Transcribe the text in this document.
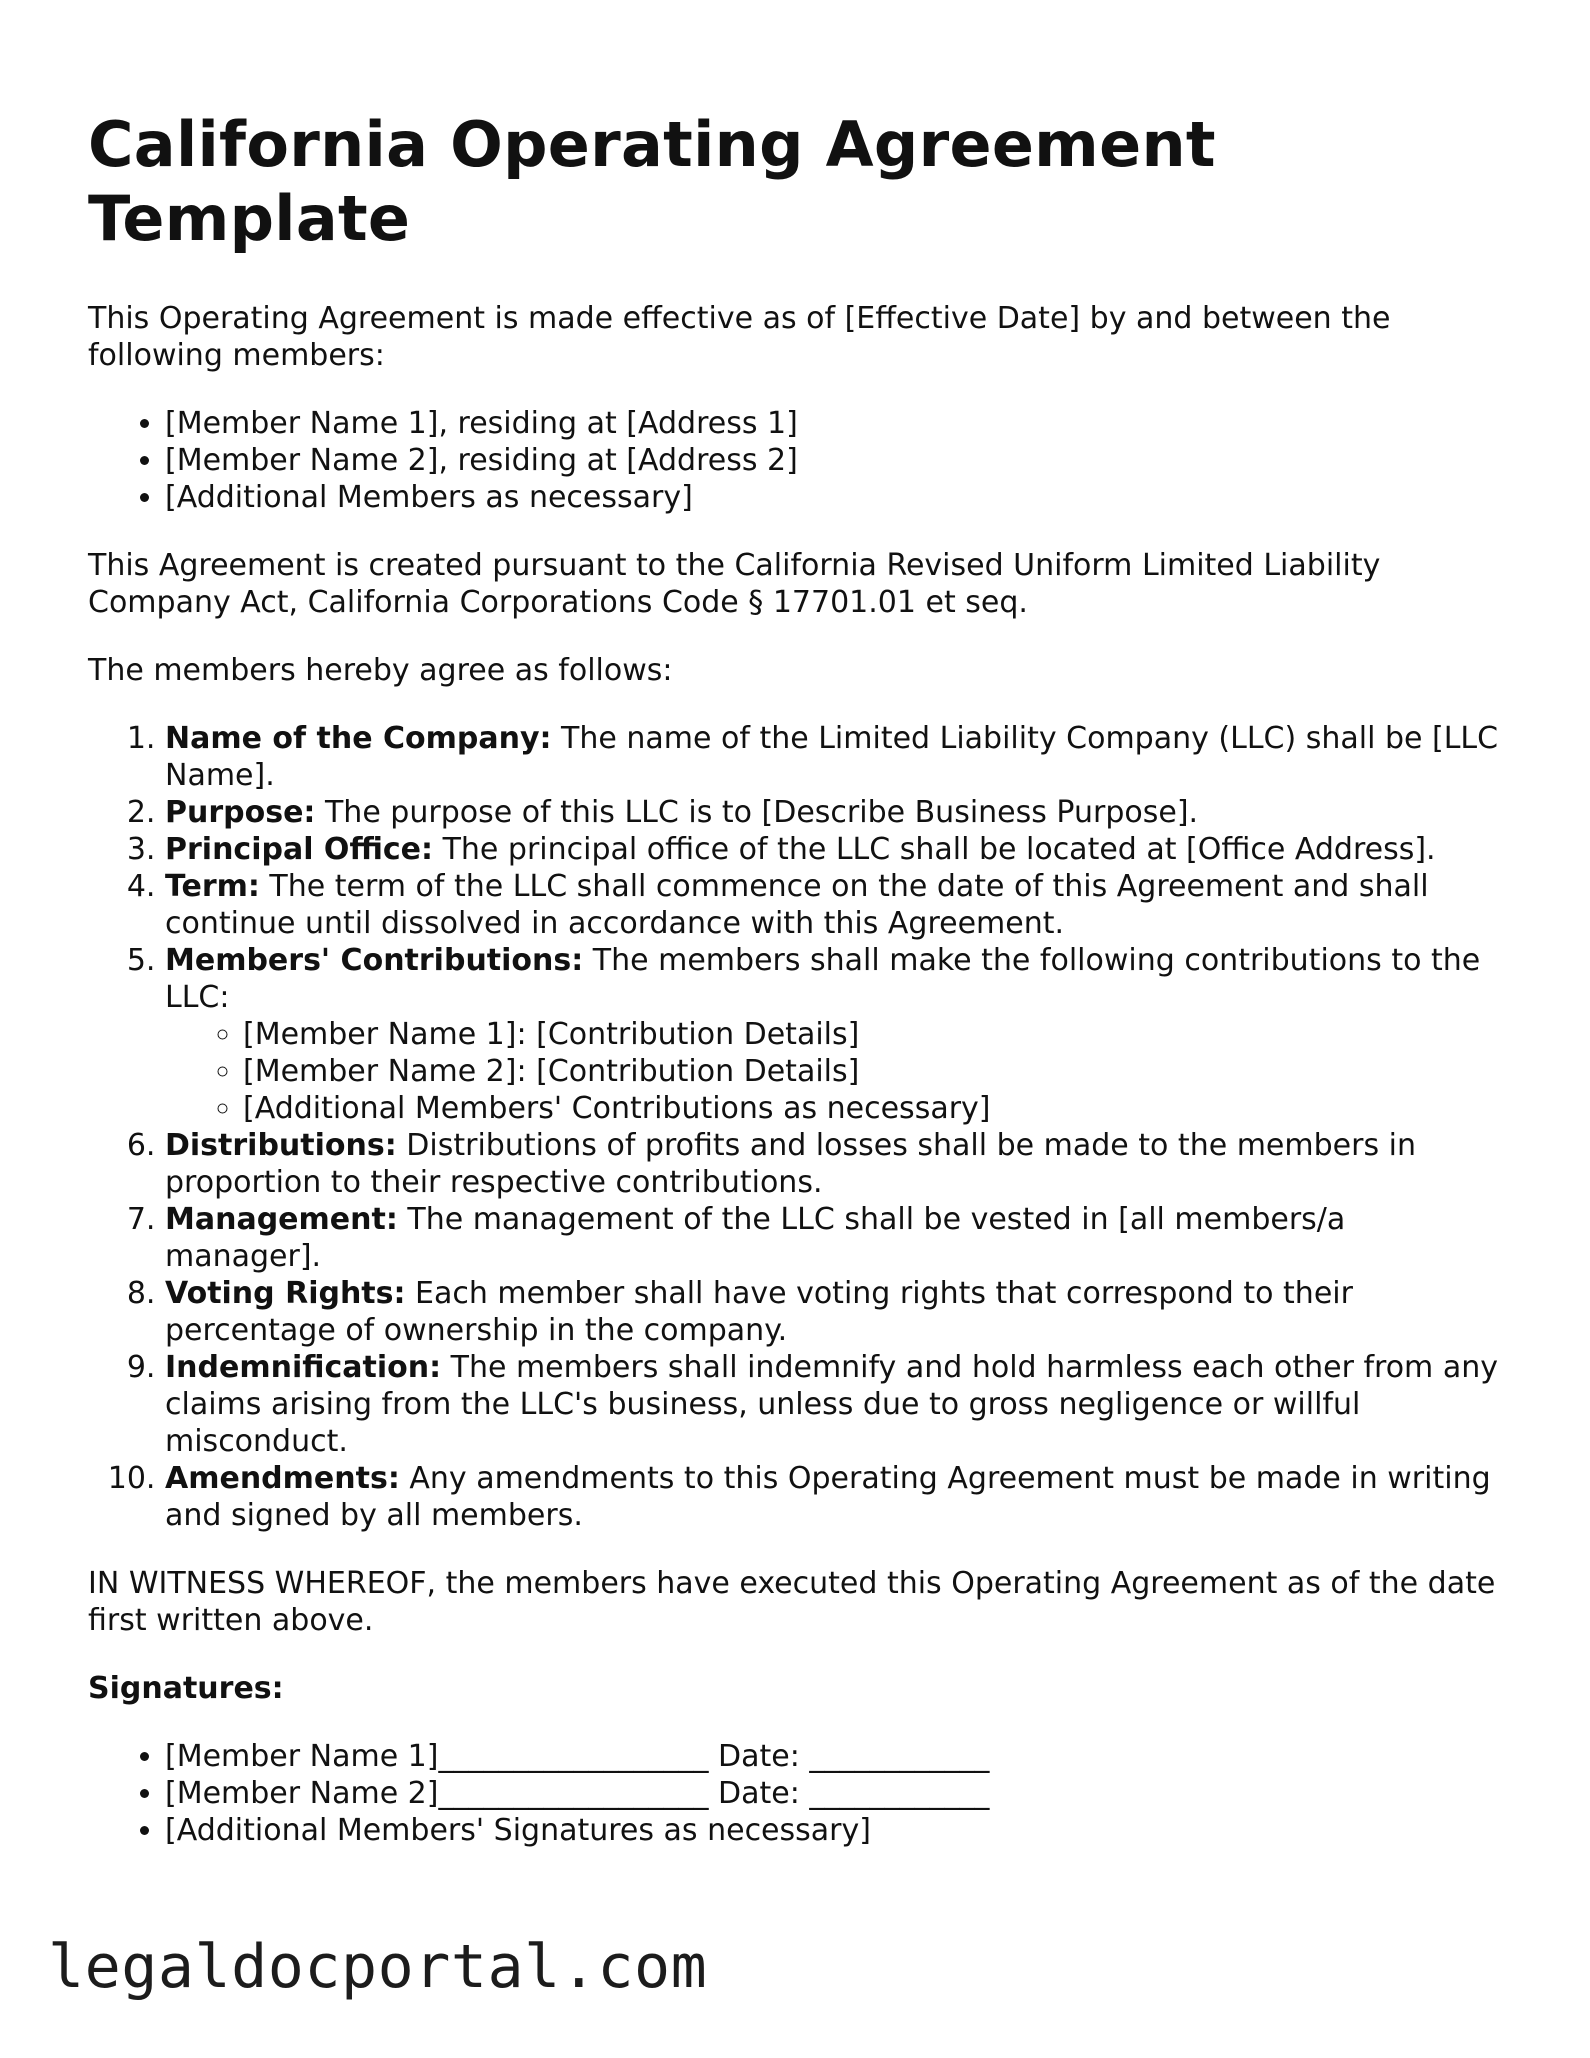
California Operating Agreement Template

This Operating Agreement is made effective as of [Effective Date] by and between the following members:

• [Member Name 1], residing at [Address 1]
• [Member Name 2], residing at [Address 2]
• [Additional Members as necessary]

This Agreement is created pursuant to the California Revised Uniform Limited Liability Company Act, California Corporations Code § 17701.01 et seq.

The members hereby agree as follows:

1. Name of the Company: The name of the Limited Liability Company (LLC) shall be [LLC Name].
2. Purpose: The purpose of this LLC is to [Describe Business Purpose].
3. Principal Office: The principal office of the LLC shall be located at [Office Address].
4. Term: The term of the LLC shall commence on the date of this Agreement and shall continue until dissolved in accordance with this Agreement.
5. Members' Contributions: The members shall make the following contributions to the LLC:
◦ [Member Name 1]: [Contribution Details]
◦ [Member Name 2]: [Contribution Details]
◦ [Additional Members' Contributions as necessary]
6. Distributions: Distributions of profits and losses shall be made to the members in proportion to their respective contributions.
7. Management: The management of the LLC shall be vested in [all members/a manager].
8. Voting Rights: Each member shall have voting rights that correspond to their percentage of ownership in the company.
9. Indemnification: The members shall indemnify and hold harmless each other from any claims arising from the LLC's business, unless due to gross negligence or willful misconduct.
10. Amendments: Any amendments to this Operating Agreement must be made in writing and signed by all members.

IN WITNESS WHEREOF, the members have executed this Operating Agreement as of the date first written above.

Signatures:

• [Member Name 1]__________________ Date: ____________
• [Member Name 2]__________________ Date: ____________
• [Additional Members' Signatures as necessary]
legaldocportal.com
